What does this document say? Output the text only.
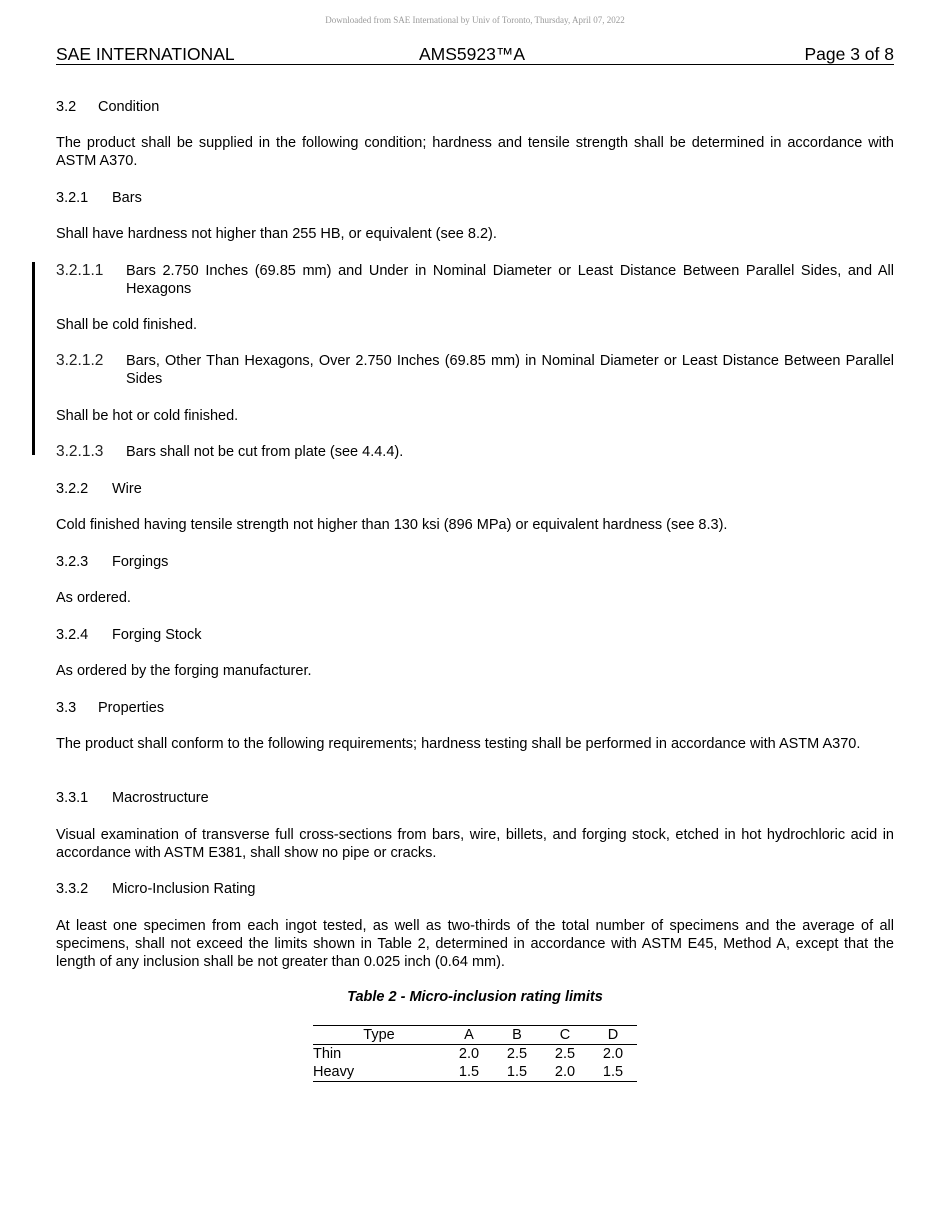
Downloaded from SAE International by Univ of Toronto, Thursday, April 07, 2022
SAE INTERNATIONAL	AMS5923™A	Page 3 of 8
3.2 Condition
The product shall be supplied in the following condition; hardness and tensile strength shall be determined in accordance with ASTM A370.
3.2.1 Bars
Shall have hardness not higher than 255 HB, or equivalent (see 8.2).
3.2.1.1	Bars 2.750 Inches (69.85 mm) and Under in Nominal Diameter or Least Distance Between Parallel Sides, and All Hexagons
Shall be cold finished.
3.2.1.2	Bars, Other Than Hexagons, Over 2.750 Inches (69.85 mm) in Nominal Diameter or Least Distance Between Parallel Sides
Shall be hot or cold finished.
3.2.1.3	Bars shall not be cut from plate (see 4.4.4).
3.2.2 Wire
Cold finished having tensile strength not higher than 130 ksi (896 MPa) or equivalent hardness (see 8.3).
3.2.3 Forgings
As ordered.
3.2.4 Forging Stock
As ordered by the forging manufacturer.
3.3 Properties
The product shall conform to the following requirements; hardness testing shall be performed in accordance with ASTM A370.
3.3.1 Macrostructure
Visual examination of transverse full cross-sections from bars, wire, billets, and forging stock, etched in hot hydrochloric acid in accordance with ASTM E381, shall show no pipe or cracks.
3.3.2 Micro-Inclusion Rating
At least one specimen from each ingot tested, as well as two-thirds of the total number of specimens and the average of all specimens, shall not exceed the limits shown in Table 2, determined in accordance with ASTM E45, Method A, except that the length of any inclusion shall be not greater than 0.025 inch (0.64 mm).
Table 2 - Micro-inclusion rating limits
Type	A	B	C	D
Thin	2.0	2.5	2.5	2.0
Heavy	1.5	1.5	2.0	1.5
